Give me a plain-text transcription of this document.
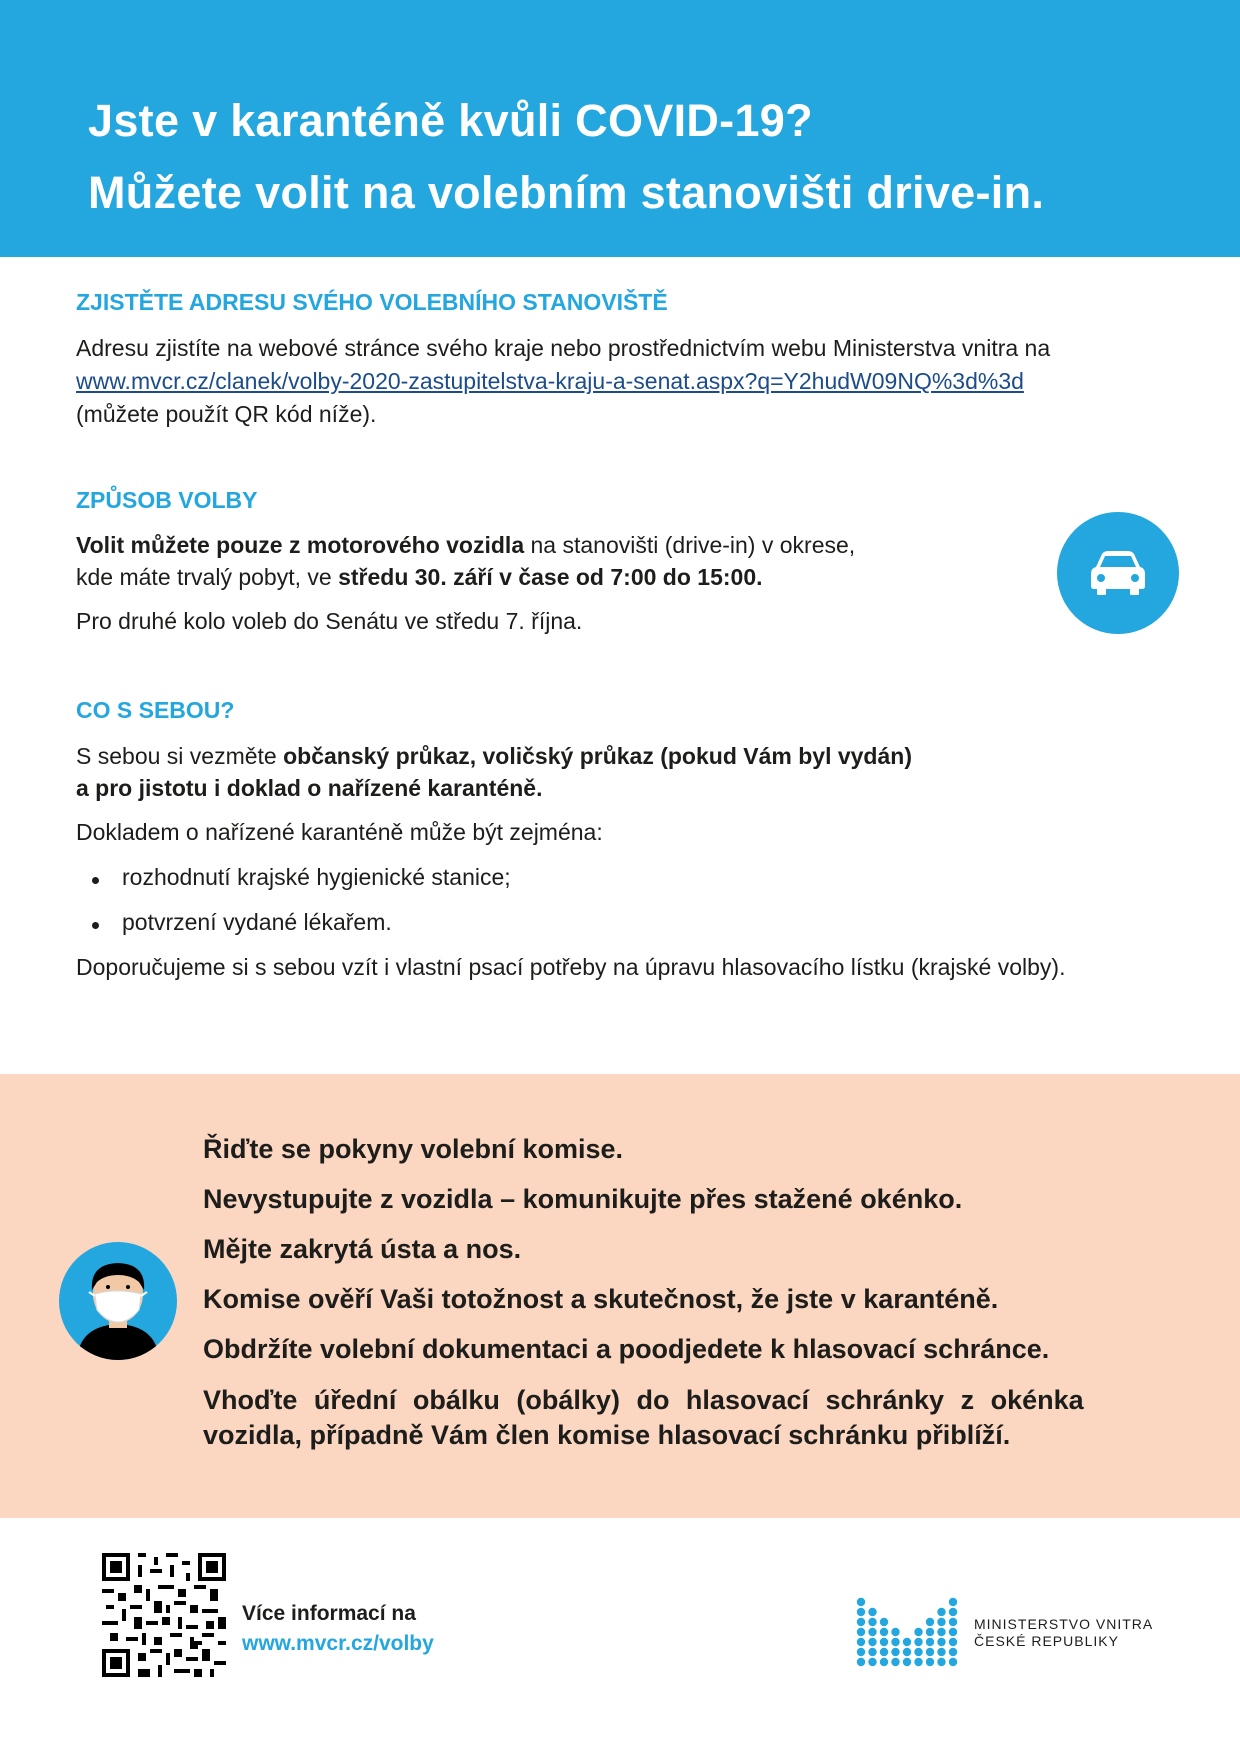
Jste v karanténě kvůli COVID-19?
Můžete volit na volebním stanovišti drive-in.
ZJISTĚTE ADRESU SVÉHO VOLEBNÍHO STANOVIŠTĚ

Adresu zjistíte na webové stránce svého kraje nebo prostřednictvím webu Ministerstva vnitra na

www.mvcr.cz/clanek/volby-2020-zastupitelstva-kraju-a-senat.aspx?q=Y2hudW09NQ%3d%3d

(můžete použít QR kód níže).

ZPŮSOB VOLBY

Volit můžete pouze z motorového vozidla na stanovišti (drive-in) v okrese,

kde máte trvalý pobyt, ve středu 30. září v čase od 7:00 do 15:00.

Pro druhé kolo voleb do Senátu ve středu 7. října.

CO S SEBOU?

S sebou si vezměte občanský průkaz, voličský průkaz (pokud Vám byl vydán)

a pro jistotu i doklad o nařízené karanténě.

Dokladem o nařízené karanténě může být zejména:

rozhodnutí krajské hygienické stanice;

potvrzení vydané lékařem.

Doporučujeme si s sebou vzít i vlastní psací potřeby na úpravu hlasovacího lístku (krajské volby).

Řiďte se pokyny volební komise.

Nevystupujte z vozidla – komunikujte přes stažené okénko.

Mějte zakrytá ústa a nos.

Komise ověří Vaši totožnost a skutečnost, že jste v karanténě.

Obdržíte volební dokumentaci a poodjedete k hlasovací schránce.

Vhoďte úřední obálku (obálky) do hlasovací schránky z okénka

vozidla, případně Vám člen komise hlasovací schránku přiblíží.

Více informací na

www.mvcr.cz/volby

MINISTERSTVO VNITRA

ČESKÉ REPUBLIKY
